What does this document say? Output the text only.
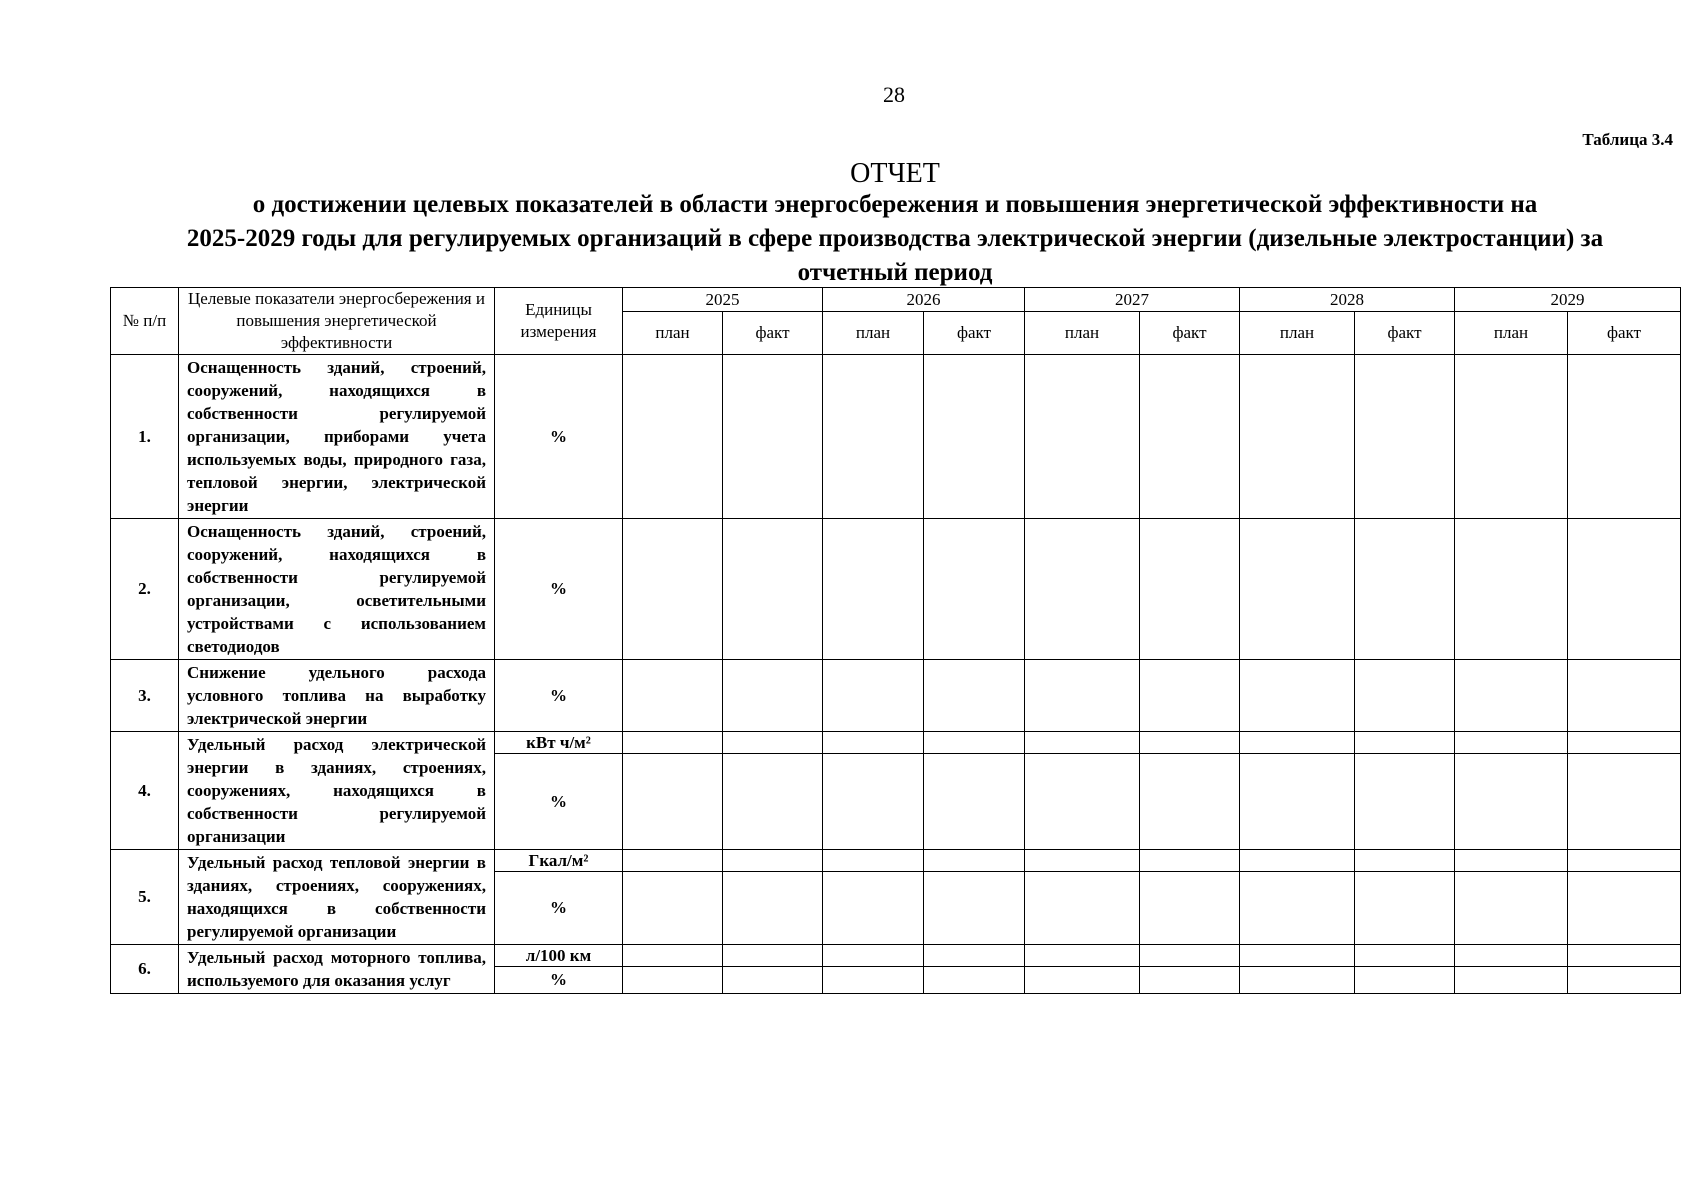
28
Таблица 3.4
ОТЧЕТ
о достижении целевых показателей в области энергосбережения и повышения энергетической эффективности на
2025-2029 годы для регулируемых организаций в сфере производства электрической энергии (дизельные электростанции) за
отчетный период
№ п/п	Целевые показатели энергосбережения и повышения энергетической эффективности	Единицы измерения	2025		2026		2027		2028		2029	
			план	факт	план	факт	план	факт	план	факт	план	факт
1.	Оснащенность зданий, строений, сооружений, находящихся в собственности регулируемой организации, приборами учета используемых воды, природного газа, тепловой энергии, электрической энергии	%										
2.	Оснащенность зданий, строений, сооружений, находящихся в собственности регулируемой организации, осветительными устройствами с использованием светодиодов	%										
3.	Снижение удельного расхода условного топлива на выработку электрической энергии	%										
4.	Удельный расход электрической энергии в зданиях, строениях, сооружениях, находящихся в собственности регулируемой организации	кВт ч/м²										
		%										
5.	Удельный расход тепловой энергии в зданиях, строениях, сооружениях, находящихся в собственности регулируемой организации	Гкал/м²										
		%										
6.	Удельный расход моторного топлива, используемого для оказания услуг	л/100 км										
		%										
